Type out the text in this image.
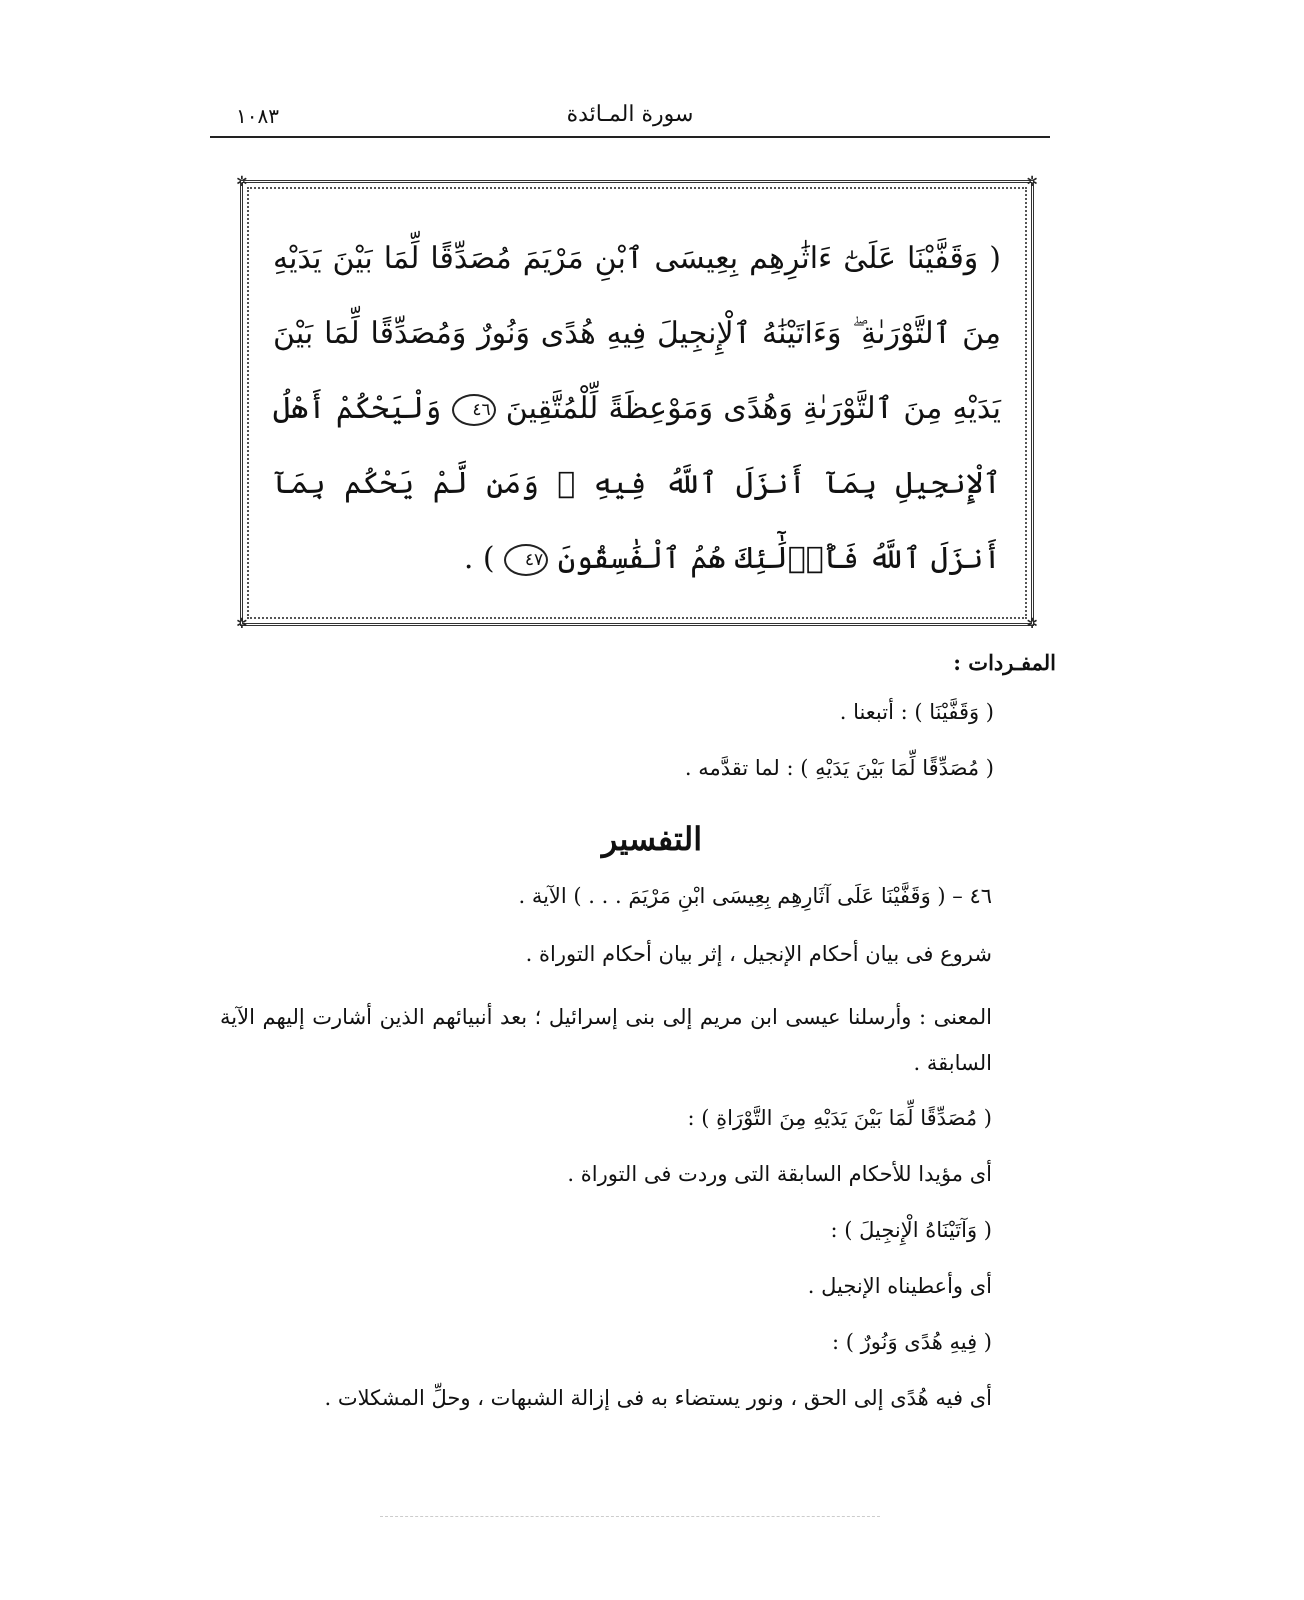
١٠٨٣	سورة المـائدة
✲	✲
✲	✲
( وَقَفَّيْنَا عَلَىٰٓ ءَاثَٰرِهِم بِعِيسَى ٱبْنِ مَرْيَمَ مُصَدِّقًا لِّمَا بَيْنَ يَدَيْهِ مِنَ ٱلتَّوْرَىٰةِ ۖ وَءَاتَيْنَٰهُ ٱلْإِنجِيلَ فِيهِ هُدًى وَنُورٌ وَمُصَدِّقًا لِّمَا بَيْنَ يَدَيْهِ مِنَ ٱلتَّوْرَىٰةِ وَهُدًى وَمَوْعِظَةً لِّلْمُتَّقِينَ ٤٦ وَلْيَحْكُمْ أَهْلُ ٱلْإِنجِيلِ بِمَآ أَنزَلَ ٱللَّهُ فِيهِ ۚ وَمَن لَّمْ يَحْكُم بِمَآ أَنزَلَ ٱللَّهُ فَأُو۟لَٰٓئِكَ هُمُ ٱلْفَٰسِقُونَ ٤٧ ) .
المفـردات :
( وَقَفَّيْنَا ) : أتبعنا .
( مُصَدِّقًا لِّمَا بَيْنَ يَدَيْهِ ) : لما تقدَّمه .
التفسير
٤٦ – ( وَقَفَّيْنَا عَلَى آثَارِهِم بِعِيسَى ابْنِ مَرْيَمَ . . . ) الآية .
شروع فى بيان أحكام الإنجيل ، إثر بيان أحكام التوراة .
المعنى : وأرسلنا عيسى ابن مريم إلى بنى إسرائيل ؛ بعد أنبيائهم الذين أشارت إليهم الآية السابقة .
( مُصَدِّقًا لِّمَا بَيْنَ يَدَيْهِ مِنَ التَّوْرَاةِ ) :
أى مؤيدا للأحكام السابقة التى وردت فى التوراة .
( وَآتَيْنَاهُ الْإِنجِيلَ ) :
أى وأعطيناه الإنجيل .
( فِيهِ هُدًى وَنُورٌ ) :
أى فيه هُدًى إلى الحق ، ونور يستضاء به فى إزالة الشبهات ، وحلِّ المشكلات .
